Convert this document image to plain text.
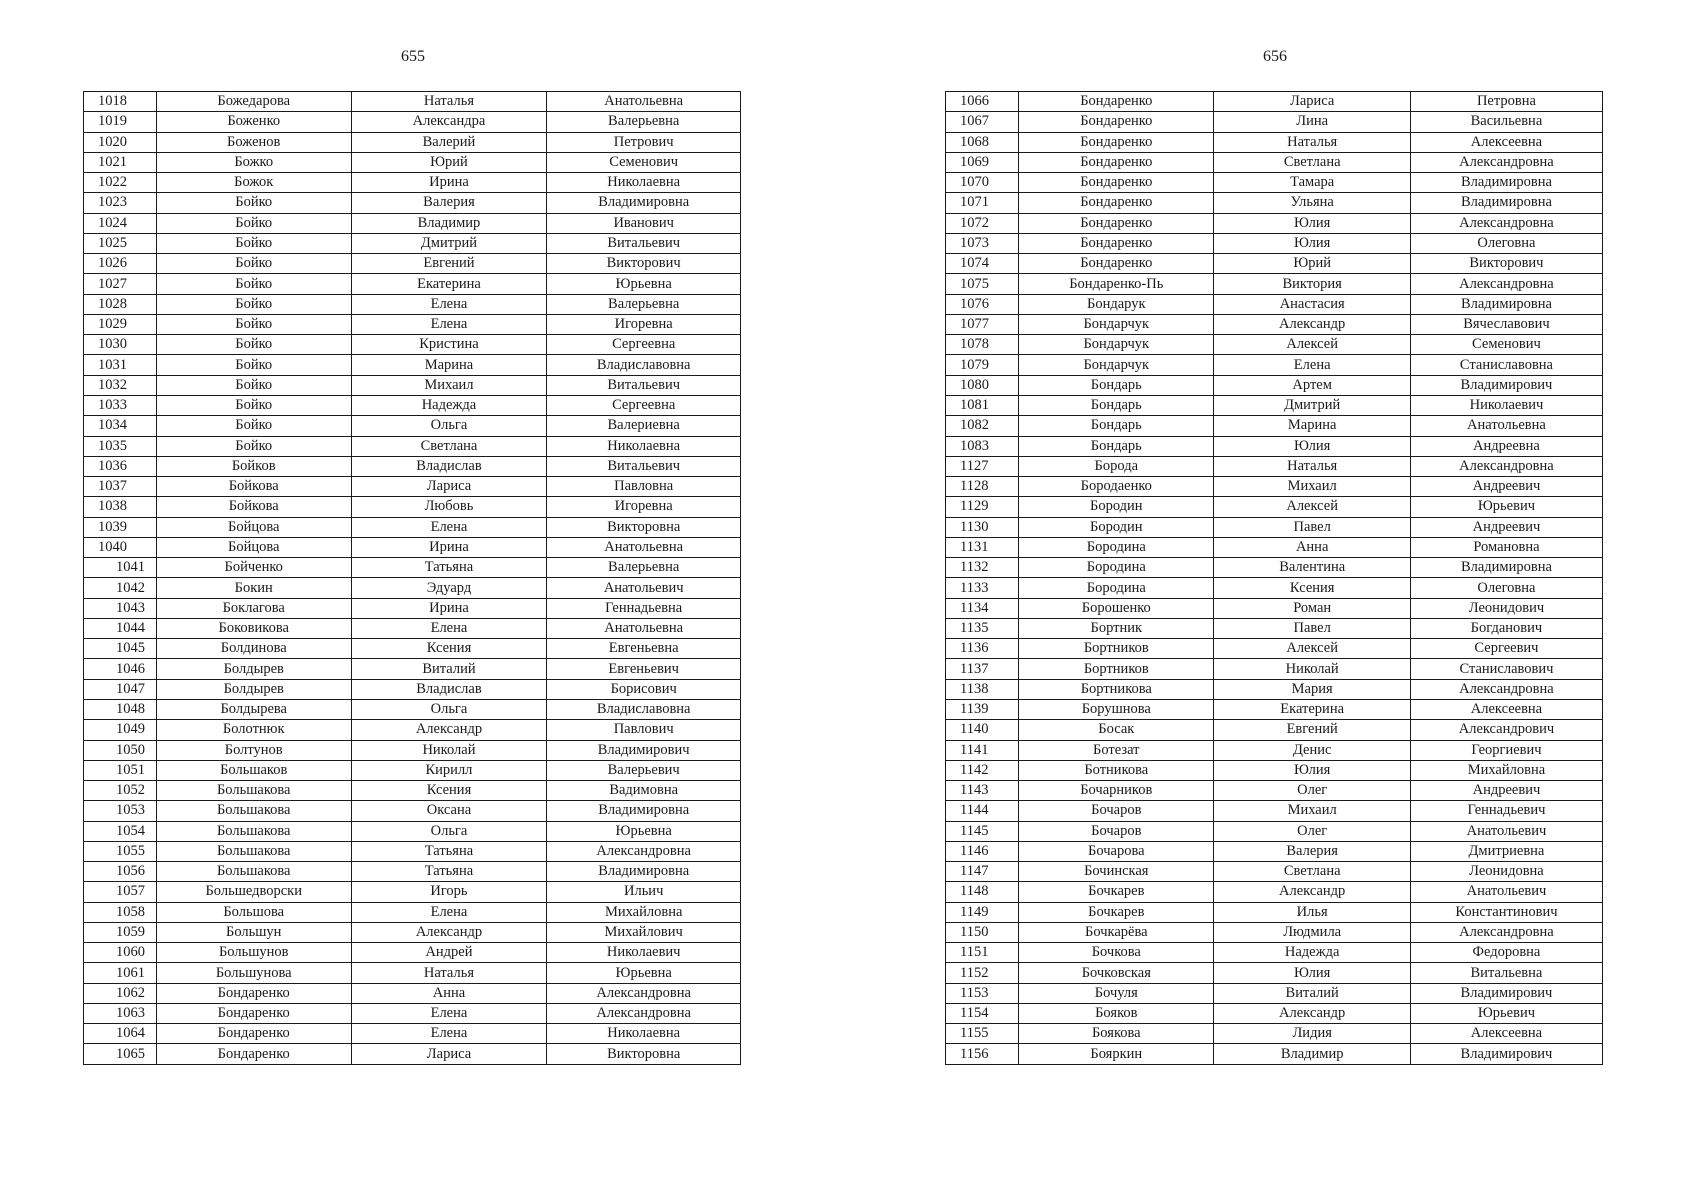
655
1018	Божедарова	Наталья	Анатольевна
1019	Боженко	Александра	Валерьевна
1020	Боженов	Валерий	Петрович
1021	Божко	Юрий	Семенович
1022	Божок	Ирина	Николаевна
1023	Бойко	Валерия	Владимировна
1024	Бойко	Владимир	Иванович
1025	Бойко	Дмитрий	Витальевич
1026	Бойко	Евгений	Викторович
1027	Бойко	Екатерина	Юрьевна
1028	Бойко	Елена	Валерьевна
1029	Бойко	Елена	Игоревна
1030	Бойко	Кристина	Сергеевна
1031	Бойко	Марина	Владиславовна
1032	Бойко	Михаил	Витальевич
1033	Бойко	Надежда	Сергеевна
1034	Бойко	Ольга	Валериевна
1035	Бойко	Светлана	Николаевна
1036	Бойков	Владислав	Витальевич
1037	Бойкова	Лариса	Павловна
1038	Бойкова	Любовь	Игоревна
1039	Бойцова	Елена	Викторовна
1040	Бойцова	Ирина	Анатольевна
1041	Бойченко	Татьяна	Валерьевна
1042	Бокин	Эдуард	Анатольевич
1043	Боклагова	Ирина	Геннадьевна
1044	Боковикова	Елена	Анатольевна
1045	Болдинова	Ксения	Евгеньевна
1046	Болдырев	Виталий	Евгеньевич
1047	Болдырев	Владислав	Борисович
1048	Болдырева	Ольга	Владиславовна
1049	Болотнюк	Александр	Павлович
1050	Болтунов	Николай	Владимирович
1051	Большаков	Кирилл	Валерьевич
1052	Большакова	Ксения	Вадимовна
1053	Большакова	Оксана	Владимировна
1054	Большакова	Ольга	Юрьевна
1055	Большакова	Татьяна	Александровна
1056	Большакова	Татьяна	Владимировна
1057	Большедворски	Игорь	Ильич
1058	Большова	Елена	Михайловна
1059	Большун	Александр	Михайлович
1060	Большунов	Андрей	Николаевич
1061	Большунова	Наталья	Юрьевна
1062	Бондаренко	Анна	Александровна
1063	Бондаренко	Елена	Александровна
1064	Бондаренко	Елена	Николаевна
1065	Бондаренко	Лариса	Викторовна
656
1066	Бондаренко	Лариса	Петровна
1067	Бондаренко	Лина	Васильевна
1068	Бондаренко	Наталья	Алексеевна
1069	Бондаренко	Светлана	Александровна
1070	Бондаренко	Тамара	Владимировна
1071	Бондаренко	Ульяна	Владимировна
1072	Бондаренко	Юлия	Александровна
1073	Бондаренко	Юлия	Олеговна
1074	Бондаренко	Юрий	Викторович
1075	Бондаренко-Пь	Виктория	Александровна
1076	Бондарук	Анастасия	Владимировна
1077	Бондарчук	Александр	Вячеславович
1078	Бондарчук	Алексей	Семенович
1079	Бондарчук	Елена	Станиславовна
1080	Бондарь	Артем	Владимирович
1081	Бондарь	Дмитрий	Николаевич
1082	Бондарь	Марина	Анатольевна
1083	Бондарь	Юлия	Андреевна
1127	Борода	Наталья	Александровна
1128	Бородаенко	Михаил	Андреевич
1129	Бородин	Алексей	Юрьевич
1130	Бородин	Павел	Андреевич
1131	Бородина	Анна	Романовна
1132	Бородина	Валентина	Владимировна
1133	Бородина	Ксения	Олеговна
1134	Борошенко	Роман	Леонидович
1135	Бортник	Павел	Богданович
1136	Бортников	Алексей	Сергеевич
1137	Бортников	Николай	Станиславович
1138	Бортникова	Мария	Александровна
1139	Борушнова	Екатерина	Алексеевна
1140	Босак	Евгений	Александрович
1141	Ботезат	Денис	Георгиевич
1142	Ботникова	Юлия	Михайловна
1143	Бочарников	Олег	Андреевич
1144	Бочаров	Михаил	Геннадьевич
1145	Бочаров	Олег	Анатольевич
1146	Бочарова	Валерия	Дмитриевна
1147	Бочинская	Светлана	Леонидовна
1148	Бочкарев	Александр	Анатольевич
1149	Бочкарев	Илья	Константинович
1150	Бочкарёва	Людмила	Александровна
1151	Бочкова	Надежда	Федоровна
1152	Бочковская	Юлия	Витальевна
1153	Бочуля	Виталий	Владимирович
1154	Бояков	Александр	Юрьевич
1155	Боякова	Лидия	Алексеевна
1156	Бояркин	Владимир	Владимирович
